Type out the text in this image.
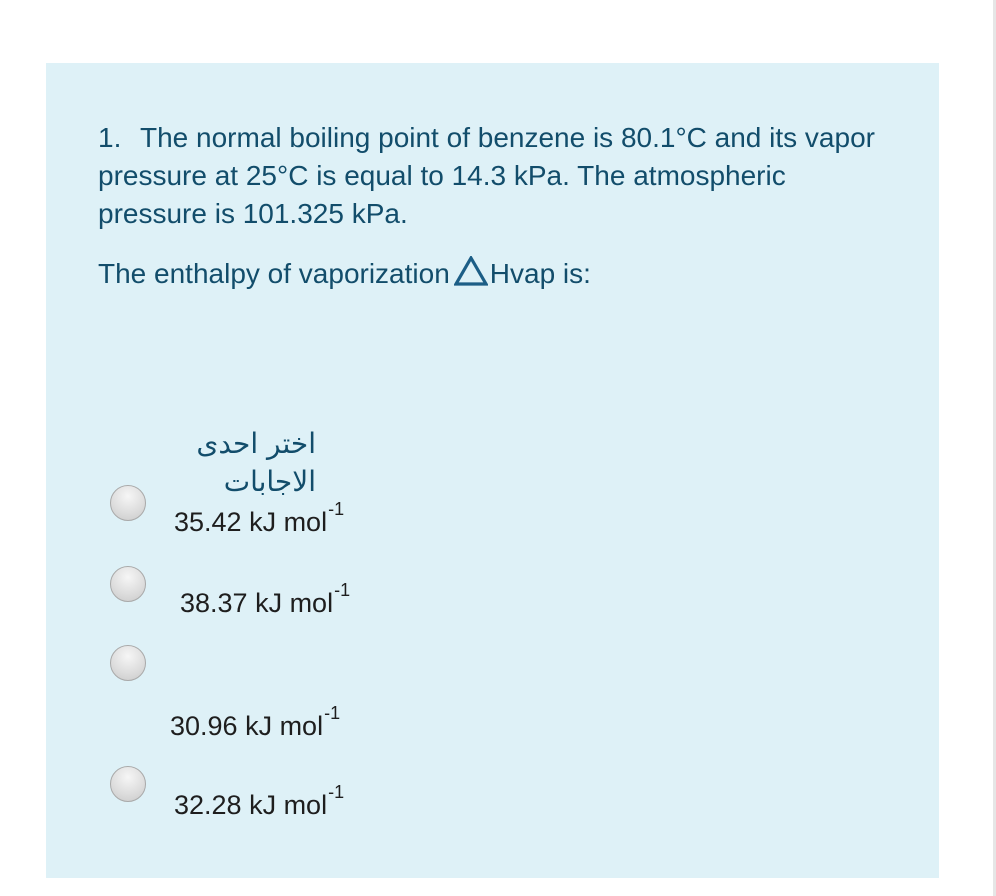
1. The normal boiling point of benzene is 80.1°C and its vapor pressure at 25°C is equal to 14.3 kPa. The atmospheric pressure is 101.325 kPa.

The enthalpy of vaporization Hvap is:

اختر احدى الاجابات

35.42 kJ mol$^{-1}$
38.37 kJ mol$^{-1}$
30.96 kJ mol$^{-1}$
32.28 kJ mol$^{-1}$
